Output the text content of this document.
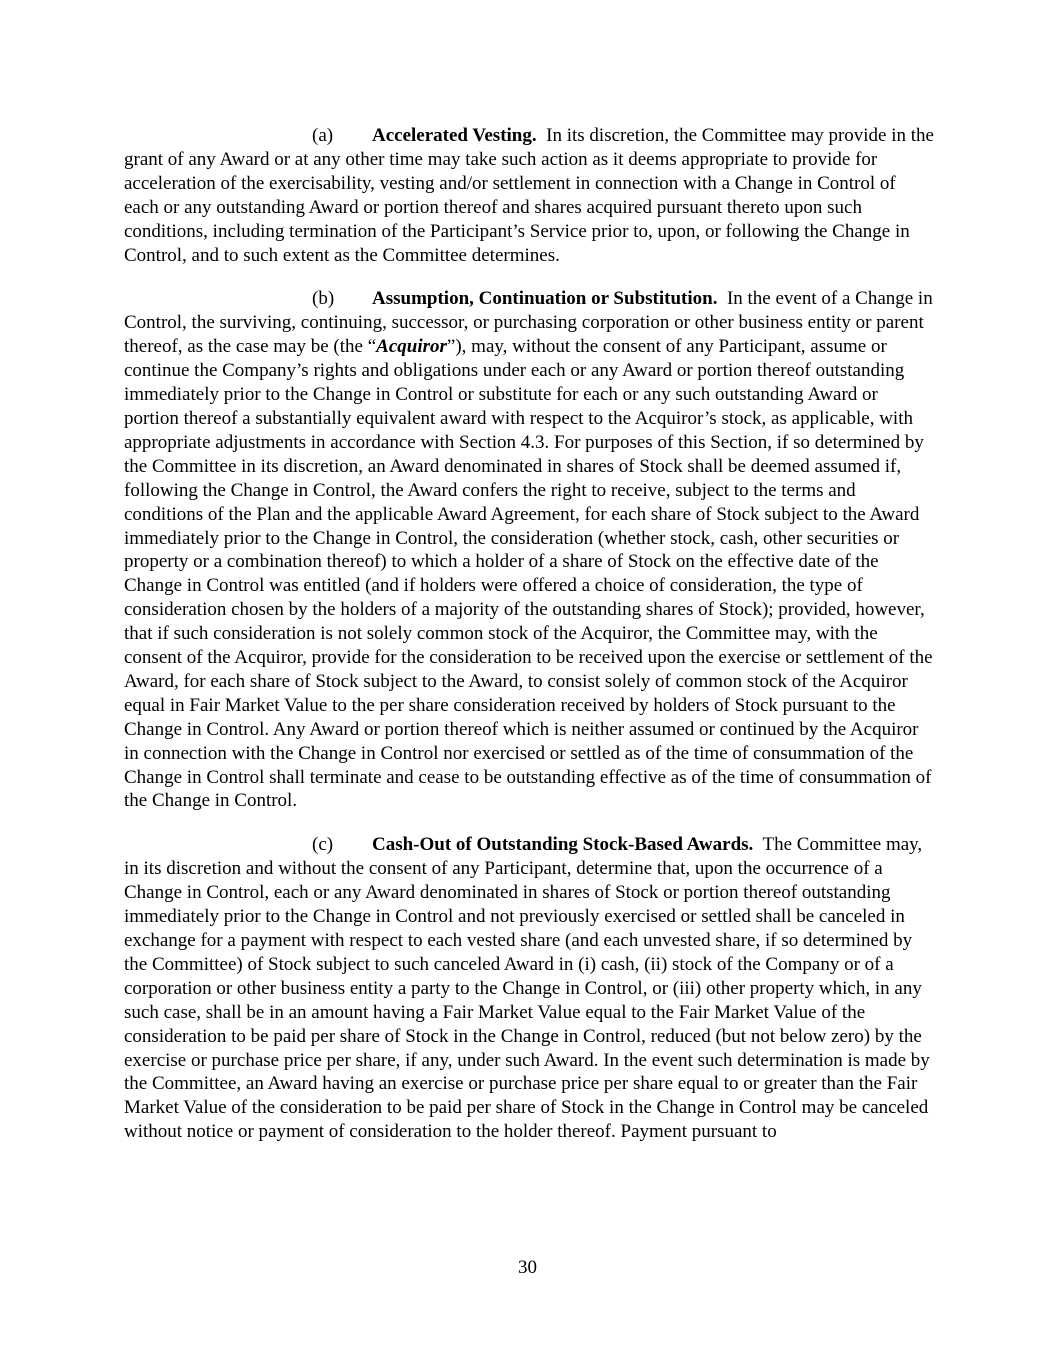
(a) Accelerated Vesting. In its discretion, the Committee may provide in the grant of any Award or at any other time may take such action as it deems appropriate to provide for acceleration of the exercisability, vesting and/or settlement in connection with a Change in Control of each or any outstanding Award or portion thereof and shares acquired pursuant thereto upon such conditions, including termination of the Participant’s Service prior to, upon, or following the Change in Control, and to such extent as the Committee determines.

(b) Assumption, Continuation or Substitution. In the event of a Change in Control, the surviving, continuing, successor, or purchasing corporation or other business entity or parent thereof, as the case may be (the “Acquiror”), may, without the consent of any Participant, assume or continue the Company’s rights and obligations under each or any Award or portion thereof outstanding immediately prior to the Change in Control or substitute for each or any such outstanding Award or portion thereof a substantially equivalent award with respect to the Acquiror’s stock, as applicable, with appropriate adjustments in accordance with Section 4.3. For purposes of this Section, if so determined by the Committee in its discretion, an Award denominated in shares of Stock shall be deemed assumed if, following the Change in Control, the Award confers the right to receive, subject to the terms and conditions of the Plan and the applicable Award Agreement, for each share of Stock subject to the Award immediately prior to the Change in Control, the consideration (whether stock, cash, other securities or property or a combination thereof) to which a holder of a share of Stock on the effective date of the Change in Control was entitled (and if holders were offered a choice of consideration, the type of consideration chosen by the holders of a majority of the outstanding shares of Stock); provided, however, that if such consideration is not solely common stock of the Acquiror, the Committee may, with the consent of the Acquiror, provide for the consideration to be received upon the exercise or settlement of the Award, for each share of Stock subject to the Award, to consist solely of common stock of the Acquiror equal in Fair Market Value to the per share consideration received by holders of Stock pursuant to the Change in Control. Any Award or portion thereof which is neither assumed or continued by the Acquiror in connection with the Change in Control nor exercised or settled as of the time of consummation of the Change in Control shall terminate and cease to be outstanding effective as of the time of consummation of the Change in Control.

(c) Cash-Out of Outstanding Stock-Based Awards. The Committee may, in its discretion and without the consent of any Participant, determine that, upon the occurrence of a Change in Control, each or any Award denominated in shares of Stock or portion thereof outstanding immediately prior to the Change in Control and not previously exercised or settled shall be canceled in exchange for a payment with respect to each vested share (and each unvested share, if so determined by the Committee) of Stock subject to such canceled Award in (i) cash, (ii) stock of the Company or of a corporation or other business entity a party to the Change in Control, or (iii) other property which, in any such case, shall be in an amount having a Fair Market Value equal to the Fair Market Value of the consideration to be paid per share of Stock in the Change in Control, reduced (but not below zero) by the exercise or purchase price per share, if any, under such Award. In the event such determination is made by the Committee, an Award having an exercise or purchase price per share equal to or greater than the Fair Market Value of the consideration to be paid per share of Stock in the Change in Control may be canceled without notice or payment of consideration to the holder thereof. Payment pursuant to

30
